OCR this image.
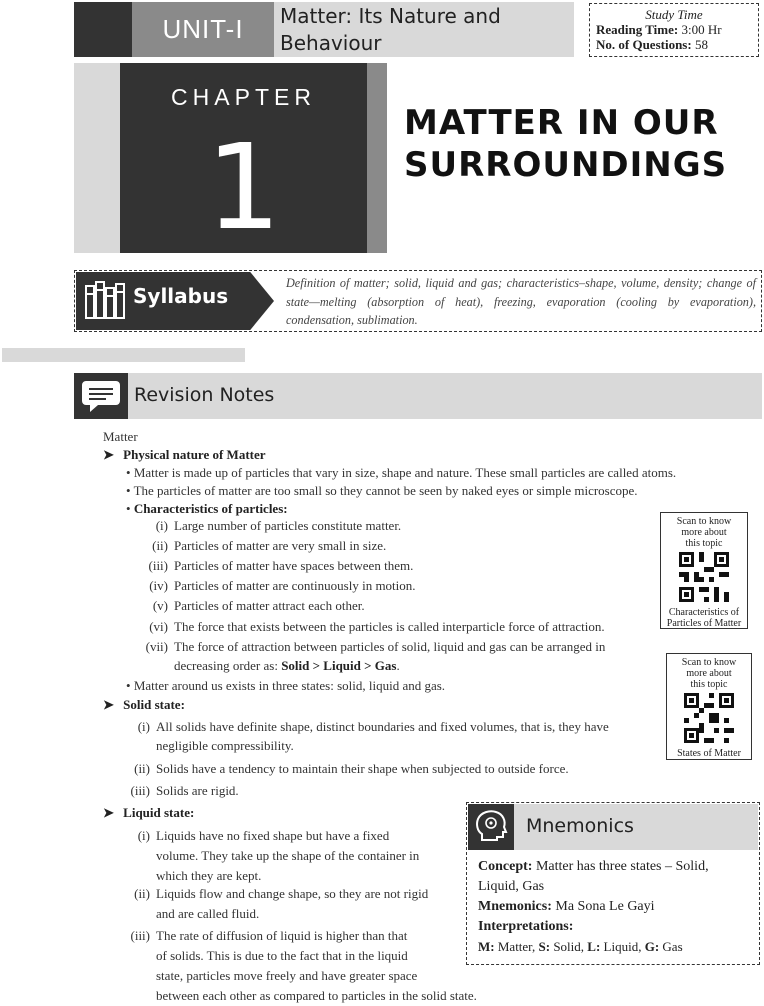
UNIT-I Matter: Its Nature and
Behaviour
Study Time
Reading Time: 3:00 Hr
No. of Questions: 58
CHAPTER
1	MATTER IN OUR
SURROUNDINGS
Syllabus
Definition of matter; solid, liquid and gas; characteristics–shape, volume, density; change of state—melting (absorption of heat), freezing, evaporation (cooling by evaporation), condensation, sublimation.
Revision Notes
Matter
➤ Physical nature of Matter
• Matter is made up of particles that vary in size, shape and nature. These small particles are called atoms.
• The particles of matter are too small so they cannot be seen by naked eyes or simple microscope.
• Characteristics of particles:
(i) Large number of particles constitute matter.
(ii) Particles of matter are very small in size.
(iii) Particles of matter have spaces between them.
(iv) Particles of matter are continuously in motion.
(v) Particles of matter attract each other.
(vi) The force that exists between the particles is called interparticle force of attraction.
(vii) The force of attraction between particles of solid, liquid and gas can be arranged in
decreasing order as: Solid > Liquid > Gas.
• Matter around us exists in three states: solid, liquid and gas.
➤ Solid state:
(i) All solids have definite shape, distinct boundaries and fixed volumes, that is, they have
negligible compressibility.
(ii) Solids have a tendency to maintain their shape when subjected to outside force.
(iii) Solids are rigid.
➤ Liquid state:
(i) Liquids have no fixed shape but have a fixed
volume. They take up the shape of the container in
which they are kept.
(ii) Liquids flow and change shape, so they are not rigid
and are called fluid.
(iii) The rate of diffusion of liquid is higher than that
of solids. This is due to the fact that in the liquid
state, particles move freely and have greater space
between each other as compared to particles in the solid state.
Scan to know
more about
this topic
Characteristics of
Particles of Matter
Scan to know
more about
this topic
States of Matter
Mnemonics
Concept: Matter has three states – Solid,
Liquid, Gas
Mnemonics: Ma Sona Le Gayi
Interpretations:
M: Matter, S: Solid, L: Liquid, G: Gas
